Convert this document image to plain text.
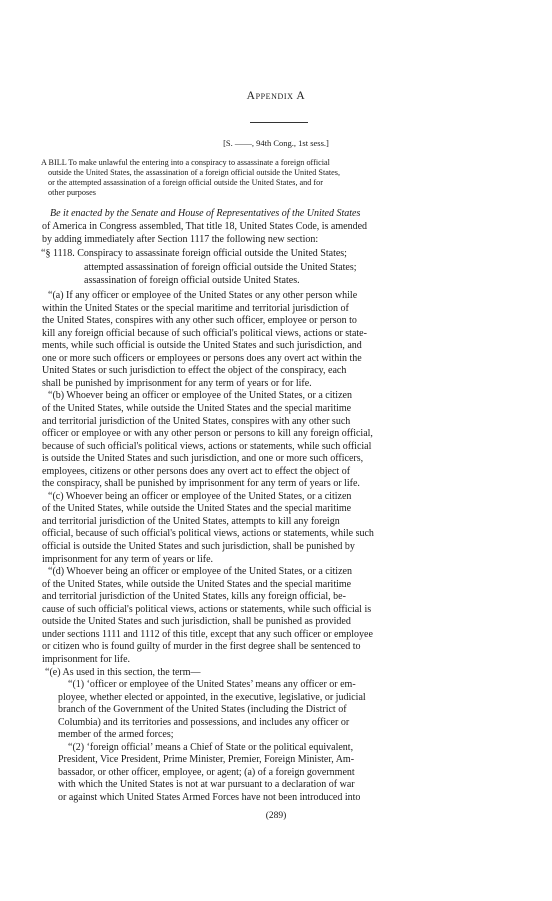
Appendix A
[S. ——, 94th Cong., 1st sess.]
A BILL To make unlawful the entering into a conspiracy to assassinate a foreign official
outside the United States, the assassination of a foreign official outside the United States,
or the attempted assassination of a foreign official outside the United States, and for
other purposes
Be it enacted by the Senate and House of Representatives of the United States
of America in Congress assembled, That title 18, United States Code, is amended
by adding immediately after Section 1117 the following new section:
“§ 1118. Conspiracy to assassinate foreign official outside the United States;
attempted assassination of foreign official outside the United States;
assassination of foreign official outside United States.
“(a) If any officer or employee of the United States or any other person while
within the United States or the special maritime and territorial jurisdiction of
the United States, conspires with any other such officer, employee or person to
kill any foreign official because of such official's political views, actions or state-
ments, while such official is outside the United States and such jurisdiction, and
one or more such officers or employees or persons does any overt act within the
United States or such jurisdiction to effect the object of the conspiracy, each
shall be punished by imprisonment for any term of years or for life.
“(b) Whoever being an officer or employee of the United States, or a citizen
of the United States, while outside the United States and the special maritime
and territorial jurisdiction of the United States, conspires with any other such
officer or employee or with any other person or persons to kill any foreign official,
because of such official's political views, actions or statements, while such official
is outside the United States and such jurisdiction, and one or more such officers,
employees, citizens or other persons does any overt act to effect the object of
the conspiracy, shall be punished by imprisonment for any term of years or life.
“(c) Whoever being an officer or employee of the United States, or a citizen
of the United States, while outside the United States and the special maritime
and territorial jurisdiction of the United States, attempts to kill any foreign
official, because of such official's political views, actions or statements, while such
official is outside the United States and such jurisdiction, shall be punished by
imprisonment for any term of years or life.
“(d) Whoever being an officer or employee of the United States, or a citizen
of the United States, while outside the United States and the special maritime
and territorial jurisdiction of the United States, kills any foreign official, be-
cause of such official's political views, actions or statements, while such official is
outside the United States and such jurisdiction, shall be punished as provided
under sections 1111 and 1112 of this title, except that any such officer or employee
or citizen who is found guilty of murder in the first degree shall be sentenced to
imprisonment for life.
“(e) As used in this section, the term—
“(1) ‘officer or employee of the United States’ means any officer or em-
ployee, whether elected or appointed, in the executive, legislative, or judicial
branch of the Government of the United States (including the District of
Columbia) and its territories and possessions, and includes any officer or
member of the armed forces;
“(2) ‘foreign official’ means a Chief of State or the political equivalent,
President, Vice President, Prime Minister, Premier, Foreign Minister, Am-
bassador, or other officer, employee, or agent; (a) of a foreign government
with which the United States is not at war pursuant to a declaration of war
or against which United States Armed Forces have not been introduced into
(289)
